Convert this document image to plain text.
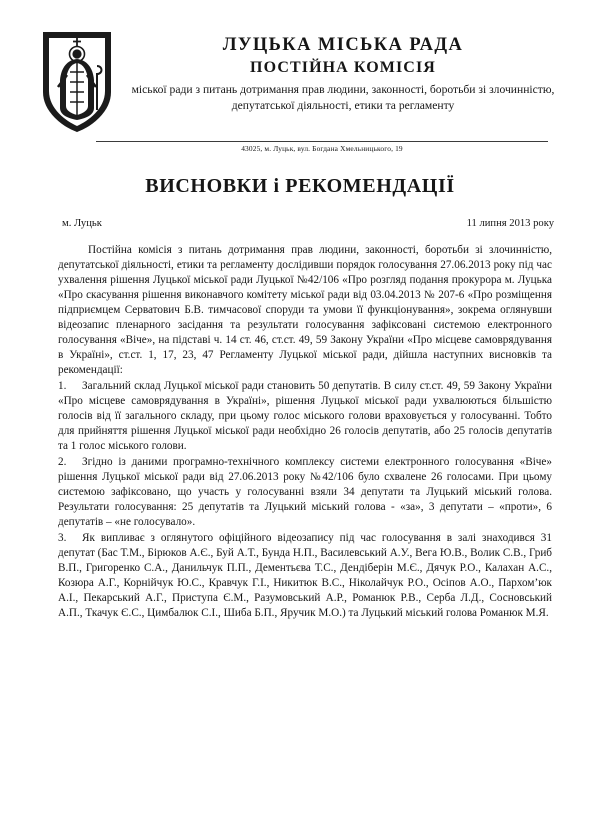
ЛУЦЬКА МІСЬКА РАДА
ПОСТІЙНА КОМІСІЯ
міської ради з питань дотримання прав людини, законності, боротьби зі злочинністю, депутатської діяльності, етики та регламенту
43025, м. Луцьк, вул. Богдана Хмельницького, 19
ВИСНОВКИ і РЕКОМЕНДАЦІЇ
м. Луцьк	11 липня 2013 року

Постійна комісія з питань дотримання прав людини, законності, боротьби зі злочинністю, депутатської діяльності, етики та регламенту дослідивши порядок голосування 27.06.2013 року під час ухвалення рішення Луцької міської ради Луцької №42/106 «Про розгляд подання прокурора м. Луцька «Про скасування рішення виконавчого комітету міської ради від 03.04.2013 № 207-6 «Про розміщення підприємцем Серватович Б.В. тимчасової споруди та умови її функціонування», зокрема оглянувши відеозапис пленарного засідання та результати голосування зафіксовані системою електронного голосування «Віче», на підставі ч. 14 ст. 46, ст.ст. 49, 59 Закону України «Про місцеве самоврядування в Україні», ст.ст. 1, 17, 23, 47 Регламенту Луцької міської ради, дійшла наступних висновків та рекомендації:

1. Загальний склад Луцької міської ради становить 50 депутатів. В силу ст.ст. 49, 59 Закону України «Про місцеве самоврядування в Україні», рішення Луцької міської ради ухвалюються більшістю голосів від її загального складу, при цьому голос міського голови враховується у голосуванні. Тобто для прийняття рішення Луцької міської ради необхідно 26 голосів депутатів, або 25 голосів депутатів та 1 голос міського голови.
2. Згідно із даними програмно-технічного комплексу системи електронного голосування «Віче» рішення Луцької міської ради від 27.06.2013 року №42/106 було схвалене 26 голосами. При цьому системою зафіксовано, що участь у голосуванні взяли 34 депутати та Луцький міський голова. Результати голосування: 25 депутатів та Луцький міський голова - «за», 3 депутати – «проти», 6 депутатів – «не голосувало».
3. Як випливає з оглянутого офіційного відеозапису під час голосування в залі знаходився 31 депутат (Бас Т.М., Бірюков А.Є., Буй А.Т., Бунда Н.П., Василевський А.У., Вега Ю.В., Волик С.В., Гриб В.П., Григоренко С.А., Данильчук П.П., Дементьєва Т.С., Дендіберін М.Є., Дячук Р.О., Калахан А.С., Козюра А.Г., Корнійчук Ю.С., Кравчук Г.І., Никитюк В.С., Ніколайчук Р.О., Осіпов А.О., Пархом’юк А.І., Пекарський А.Г., Приступа Є.М., Разумовський А.Р., Романюк Р.В., Серба Л.Д., Сосновський А.П., Ткачук Є.С., Цимбалюк С.І., Шиба Б.П., Яручик М.О.) та Луцький міський голова Романюк М.Я.
